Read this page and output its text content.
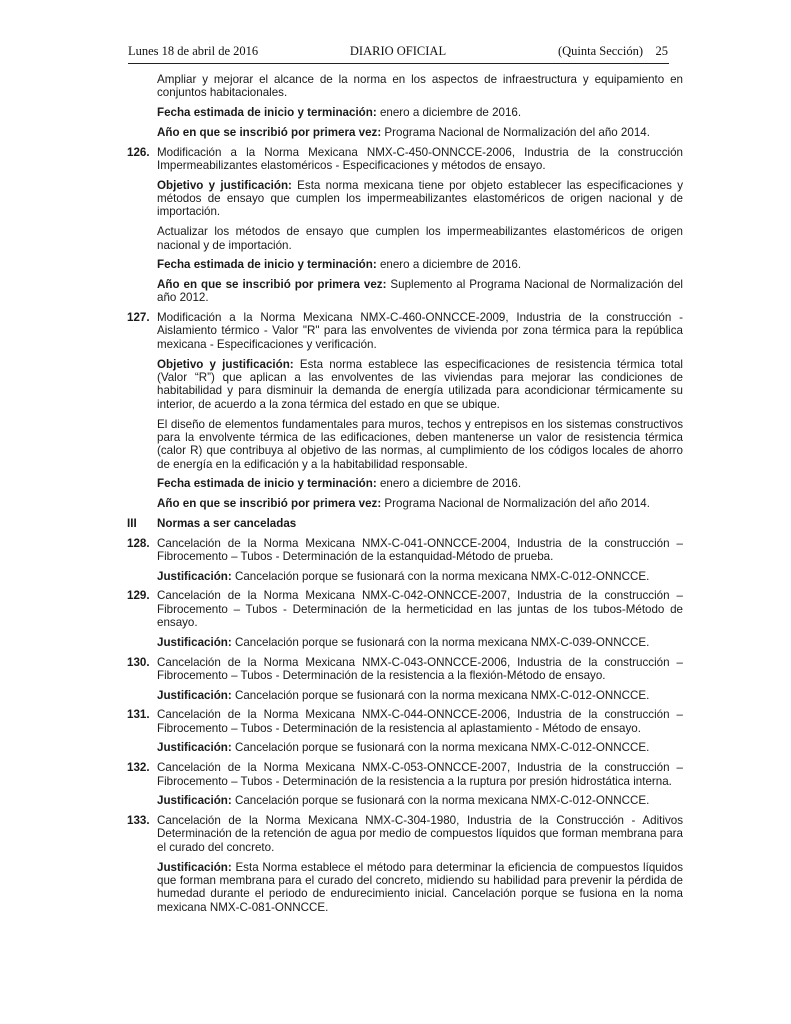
Lunes 18 de abril de 2016	DIARIO OFICIAL	(Quinta Sección) 25

Ampliar y mejorar el alcance de la norma en los aspectos de infraestructura y equipamiento en conjuntos habitacionales.

Fecha estimada de inicio y terminación: enero a diciembre de 2016.

Año en que se inscribió por primera vez: Programa Nacional de Normalización del año 2014.

126. Modificación a la Norma Mexicana NMX-C-450-ONNCCE-2006, Industria de la construcción Impermeabilizantes elastoméricos - Especificaciones y métodos de ensayo.

Objetivo y justificación: Esta norma mexicana tiene por objeto establecer las especificaciones y métodos de ensayo que cumplen los impermeabilizantes elastoméricos de origen nacional y de importación.

Actualizar los métodos de ensayo que cumplen los impermeabilizantes elastoméricos de origen nacional y de importación.

Fecha estimada de inicio y terminación: enero a diciembre de 2016.

Año en que se inscribió por primera vez: Suplemento al Programa Nacional de Normalización del año 2012.

127. Modificación a la Norma Mexicana NMX-C-460-ONNCCE-2009, Industria de la construcción - Aislamiento térmico - Valor "R" para las envolventes de vivienda por zona térmica para la república mexicana - Especificaciones y verificación.

Objetivo y justificación: Esta norma establece las especificaciones de resistencia térmica total (Valor “R”) que aplican a las envolventes de las viviendas para mejorar las condiciones de habitabilidad y para disminuir la demanda de energía utilizada para acondicionar térmicamente su interior, de acuerdo a la zona térmica del estado en que se ubique.

El diseño de elementos fundamentales para muros, techos y entrepisos en los sistemas constructivos para la envolvente térmica de las edificaciones, deben mantenerse un valor de resistencia térmica (calor R) que contribuya al objetivo de las normas, al cumplimiento de los códigos locales de ahorro de energía en la edificación y a la habitabilidad responsable.

Fecha estimada de inicio y terminación: enero a diciembre de 2016.

Año en que se inscribió por primera vez: Programa Nacional de Normalización del año 2014.

III Normas a ser canceladas

128. Cancelación de la Norma Mexicana NMX-C-041-ONNCCE-2004, Industria de la construcción – Fibrocemento – Tubos - Determinación de la estanquidad-Método de prueba.

Justificación: Cancelación porque se fusionará con la norma mexicana NMX-C-012-ONNCCE.

129. Cancelación de la Norma Mexicana NMX-C-042-ONNCCE-2007, Industria de la construcción – Fibrocemento – Tubos - Determinación de la hermeticidad en las juntas de los tubos-Método de ensayo.

Justificación: Cancelación porque se fusionará con la norma mexicana NMX-C-039-ONNCCE.

130. Cancelación de la Norma Mexicana NMX-C-043-ONNCCE-2006, Industria de la construcción – Fibrocemento – Tubos - Determinación de la resistencia a la flexión-Método de ensayo.

Justificación: Cancelación porque se fusionará con la norma mexicana NMX-C-012-ONNCCE.

131. Cancelación de la Norma Mexicana NMX-C-044-ONNCCE-2006, Industria de la construcción – Fibrocemento – Tubos - Determinación de la resistencia al aplastamiento - Método de ensayo.

Justificación: Cancelación porque se fusionará con la norma mexicana NMX-C-012-ONNCCE.

132. Cancelación de la Norma Mexicana NMX-C-053-ONNCCE-2007, Industria de la construcción – Fibrocemento – Tubos - Determinación de la resistencia a la ruptura por presión hidrostática interna.

Justificación: Cancelación porque se fusionará con la norma mexicana NMX-C-012-ONNCCE.

133. Cancelación de la Norma Mexicana NMX-C-304-1980, Industria de la Construcción - Aditivos Determinación de la retención de agua por medio de compuestos líquidos que forman membrana para el curado del concreto.

Justificación: Esta Norma establece el método para determinar la eficiencia de compuestos líquidos que forman membrana para el curado del concreto, midiendo su habilidad para prevenir la pérdida de humedad durante el periodo de endurecimiento inicial. Cancelación porque se fusiona en la noma mexicana NMX-C-081-ONNCCE.
